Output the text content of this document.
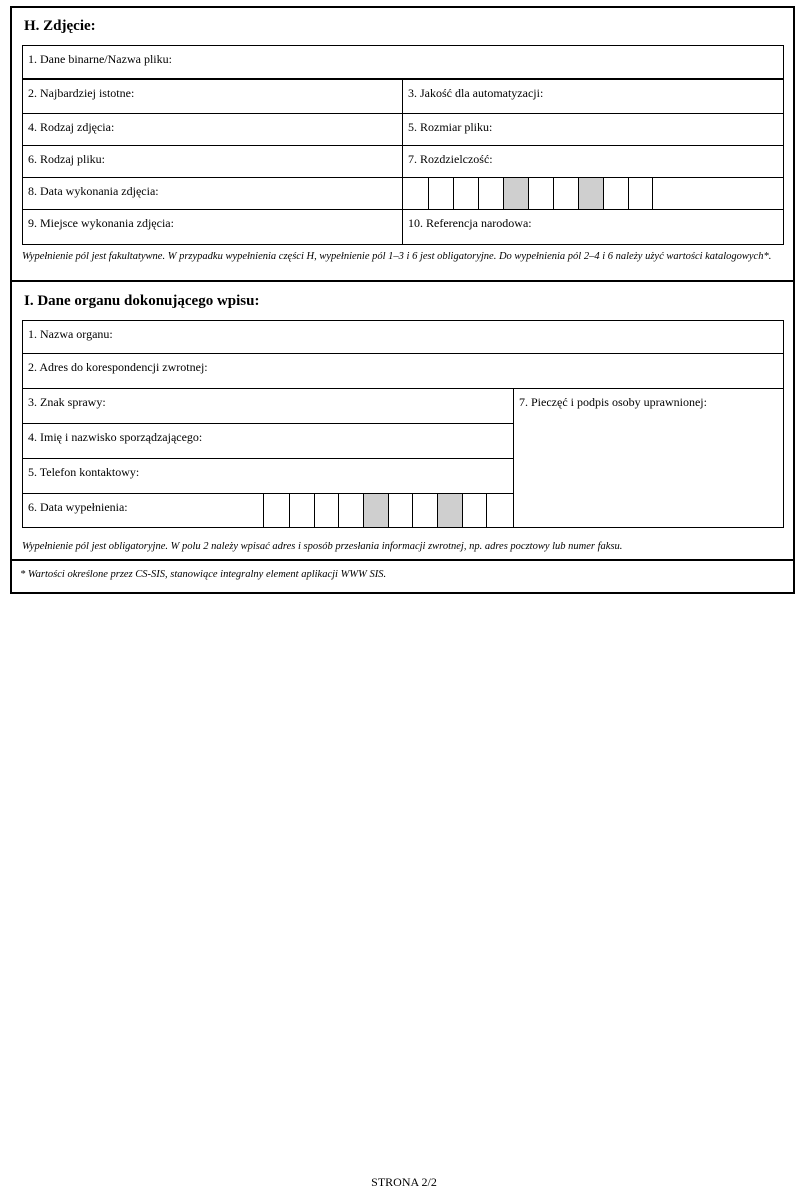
H. Zdjęcie:
1. Dane binarne/Nazwa pliku:
2. Najbardziej istotne:	3. Jakość dla automatyzacji:
4. Rodzaj zdjęcia:	5. Rozmiar pliku:
6. Rodzaj pliku:	7. Rozdzielczość:
8. Data wykonania zdjęcia:
9. Miejsce wykonania zdjęcia:	10. Referencja narodowa:
Wypełnienie pól jest fakultatywne. W przypadku wypełnienia części H, wypełnienie pól 1–3 i 6 jest obligatoryjne. Do wypełnienia pól 2–4 i 6 należy użyć wartości katalogowych*.
I. Dane organu dokonującego wpisu:
1. Nazwa organu:
2. Adres do korespondencji zwrotnej:
3. Znak sprawy:	7. Pieczęć i podpis osoby uprawnionej:
4. Imię i nazwisko sporządzającego:
5. Telefon kontaktowy:
6. Data wypełnienia:
Wypełnienie pól jest obligatoryjne. W polu 2 należy wpisać adres i sposób przesłania informacji zwrotnej, np. adres pocztowy lub numer faksu.
* Wartości określone przez CS-SIS, stanowiące integralny element aplikacji WWW SIS.
STRONA 2/2
